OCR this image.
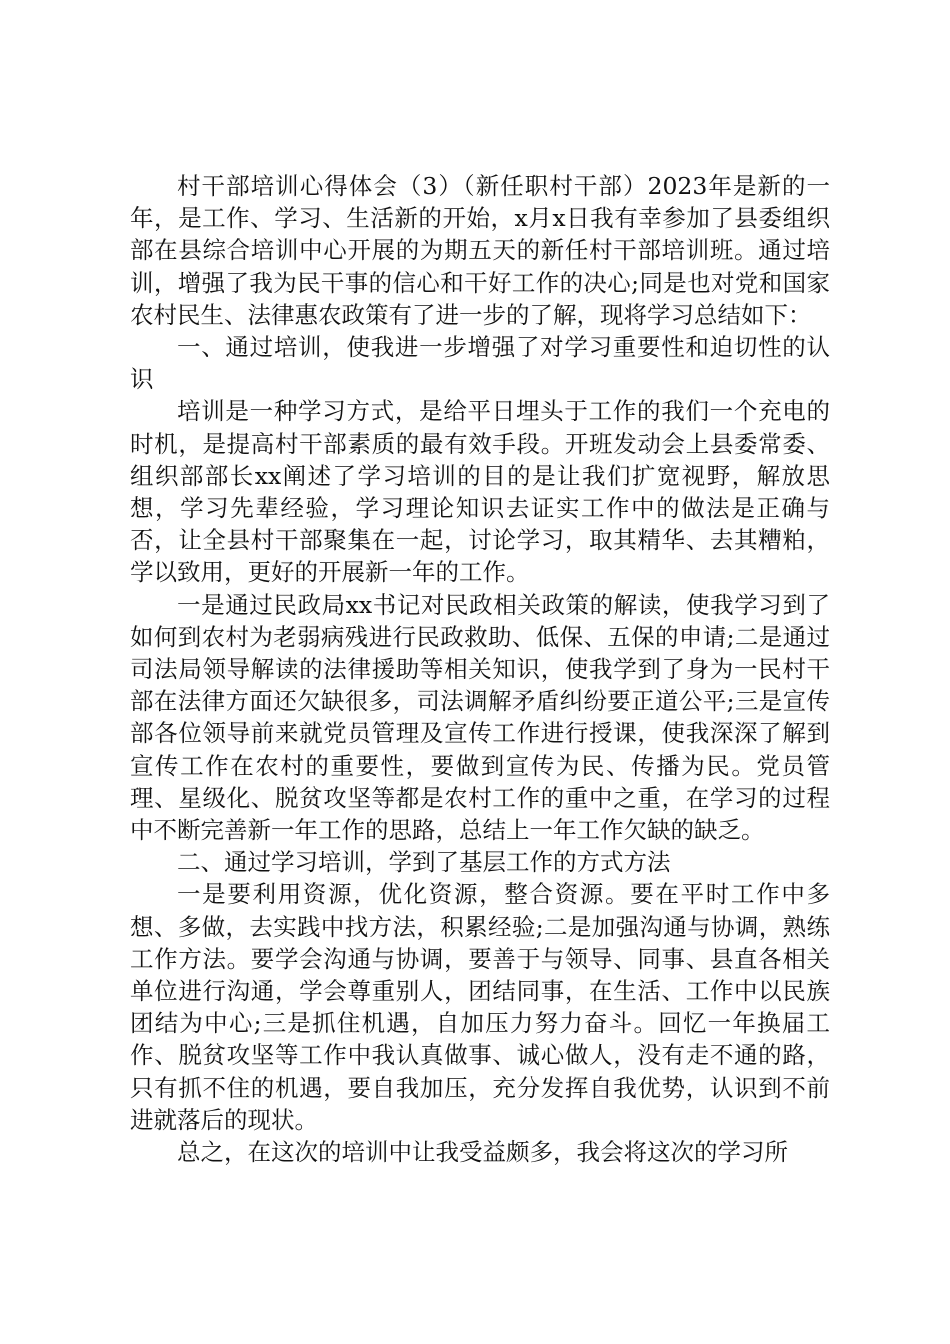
村干部培训心得体会（3）（新任职村干部）2023年是新的一年，是工作、学习、生活新的开始，x月x日我有幸参加了县委组织部在县综合培训中心开展的为期五天的新任村干部培训班。通过培训，增强了我为民干事的信心和干好工作的决心;同是也对党和国家农村民生、法律惠农政策有了进一步的了解，现将学习总结如下：

一、通过培训，使我进一步增强了对学习重要性和迫切性的认识

培训是一种学习方式，是给平日埋头于工作的我们一个充电的时机，是提高村干部素质的最有效手段。开班发动会上县委常委、组织部部长xx阐述了学习培训的目的是让我们扩宽视野，解放思想，学习先辈经验，学习理论知识去证实工作中的做法是正确与否，让全县村干部聚集在一起，讨论学习，取其精华、去其糟粕，学以致用，更好的开展新一年的工作。

一是通过民政局xx书记对民政相关政策的解读，使我学习到了如何到农村为老弱病残进行民政救助、低保、五保的申请;二是通过司法局领导解读的法律援助等相关知识，使我学到了身为一民村干部在法律方面还欠缺很多，司法调解矛盾纠纷要正道公平;三是宣传部各位领导前来就党员管理及宣传工作进行授课，使我深深了解到宣传工作在农村的重要性，要做到宣传为民、传播为民。党员管理、星级化、脱贫攻坚等都是农村工作的重中之重，在学习的过程中不断完善新一年工作的思路，总结上一年工作欠缺的缺乏。

二、通过学习培训，学到了基层工作的方式方法

一是要利用资源，优化资源，整合资源。要在平时工作中多想、多做，去实践中找方法，积累经验;二是加强沟通与协调，熟练工作方法。要学会沟通与协调，要善于与领导、同事、县直各相关单位进行沟通，学会尊重别人，团结同事，在生活、工作中以民族团结为中心;三是抓住机遇，自加压力努力奋斗。回忆一年换届工作、脱贫攻坚等工作中我认真做事、诚心做人，没有走不通的路，只有抓不住的机遇，要自我加压，充分发挥自我优势，认识到不前进就落后的现状。

总之，在这次的培训中让我受益颇多，我会将这次的学习所
